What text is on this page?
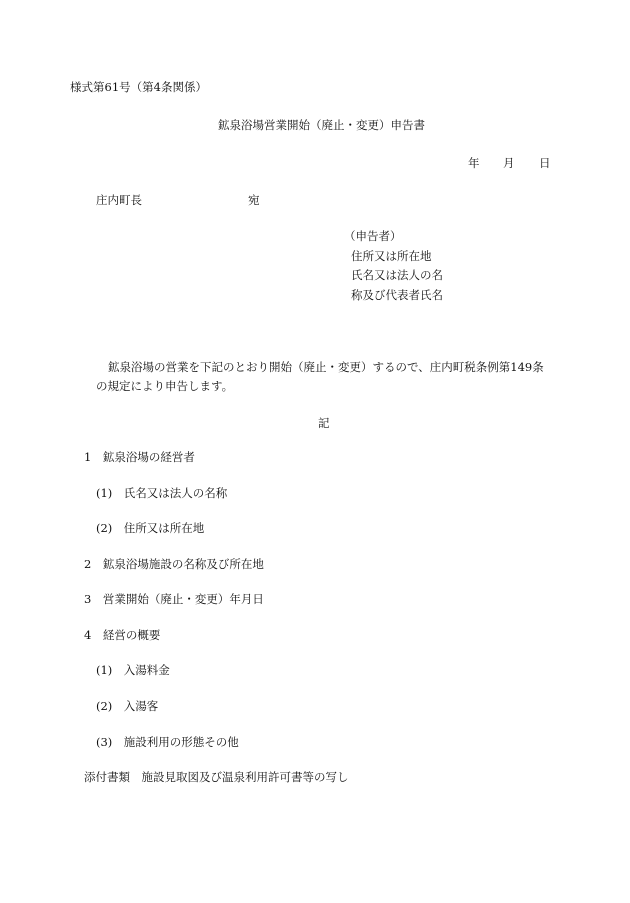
様式第61号（第4条関係）
鉱泉浴場営業開始（廃止・変更）申告書
年 月 日
庄内町長	宛
（申告者）
住所又は所在地
氏名又は法人の名
称及び代表者氏名
鉱泉浴場の営業を下記のとおり開始（廃止・変更）するので、庄内町税条例第149条
の規定により申告します。
記
1　鉱泉浴場の経営者
(1)　氏名又は法人の名称
(2)　住所又は所在地
2　鉱泉浴場施設の名称及び所在地
3　営業開始（廃止・変更）年月日
4　経営の概要
(1)　入湯料金
(2)　入湯客
(3)　施設利用の形態その他
添付書類　施設見取図及び温泉利用許可書等の写し
